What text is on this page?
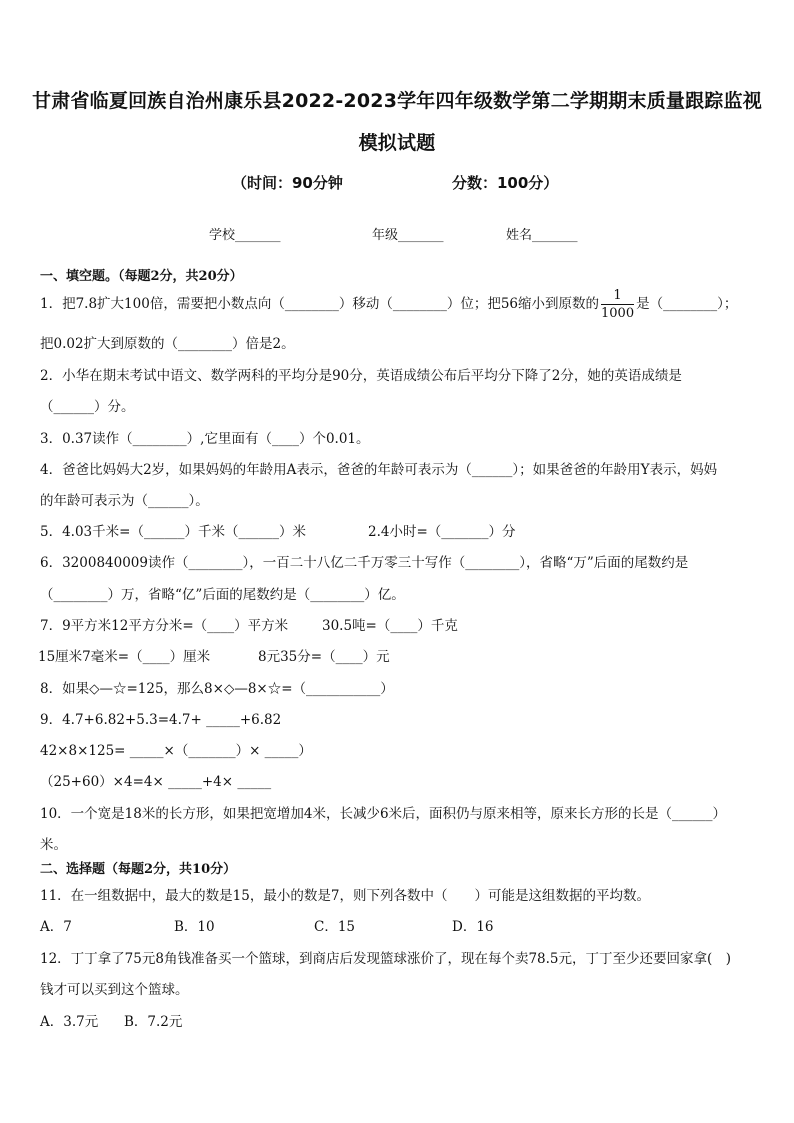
甘肃省临夏回族自治州康乐县2022-2023学年四年级数学第二学期期末质量跟踪监视
模拟试题
（时间：90分钟	分数：100分）
学校_______	年级_______	姓名_______
一、填空题。（每题2分，共20分）
1．把7.8扩大100倍，需要把小数点向（________）移动（________）位；把56缩小到原数的 $\frac{1}{1000}$ 是（________）；
把0.02扩大到原数的（________）倍是2。
2．小华在期末考试中语文、数学两科的平均分是90分，英语成绩公布后平均分下降了2分，她的英语成绩是
（______）分。
3．0.37读作（________）,它里面有（____）个0.01。
4．爸爸比妈妈大2岁，如果妈妈的年龄用A表示，爸爸的年龄可表示为（______）；如果爸爸的年龄用Y表示，妈妈
的年龄可表示为（______）。
5．4.03千米=（______）千米（______）米	2.4小时=（_______）分
6．3200840009读作（________），一百二十八亿二千万零三十写作（________），省略“万”后面的尾数约是
（________）万，省略“亿”后面的尾数约是（________）亿。
7．9平方米12平方分米=（____）平方米	30.5吨=（____）千克
15厘米7毫米=（____）厘米	8元35分=（____）元
8．如果◇—☆=125，那么8×◇—8×☆=（___________）
9．4.7+6.82+5.3=4.7+ _____+6.82
42×8×125= _____×（_______）× _____）
（25+60）×4=4× _____+4× _____
10．一个宽是18米的长方形，如果把宽增加4米，长减少6米后，面积仍与原来相等，原来长方形的长是（______）
米。
二、选择题（每题2分，共10分）
11．在一组数据中，最大的数是15，最小的数是7，则下列各数中（　　）可能是这组数据的平均数。
A．7	B．10	C．15	D．16
12．丁丁拿了75元8角钱准备买一个篮球，到商店后发现篮球涨价了，现在每个卖78.5元，丁丁至少还要回家拿(　)
钱才可以买到这个篮球。
A．3.7元 B．7.2元
